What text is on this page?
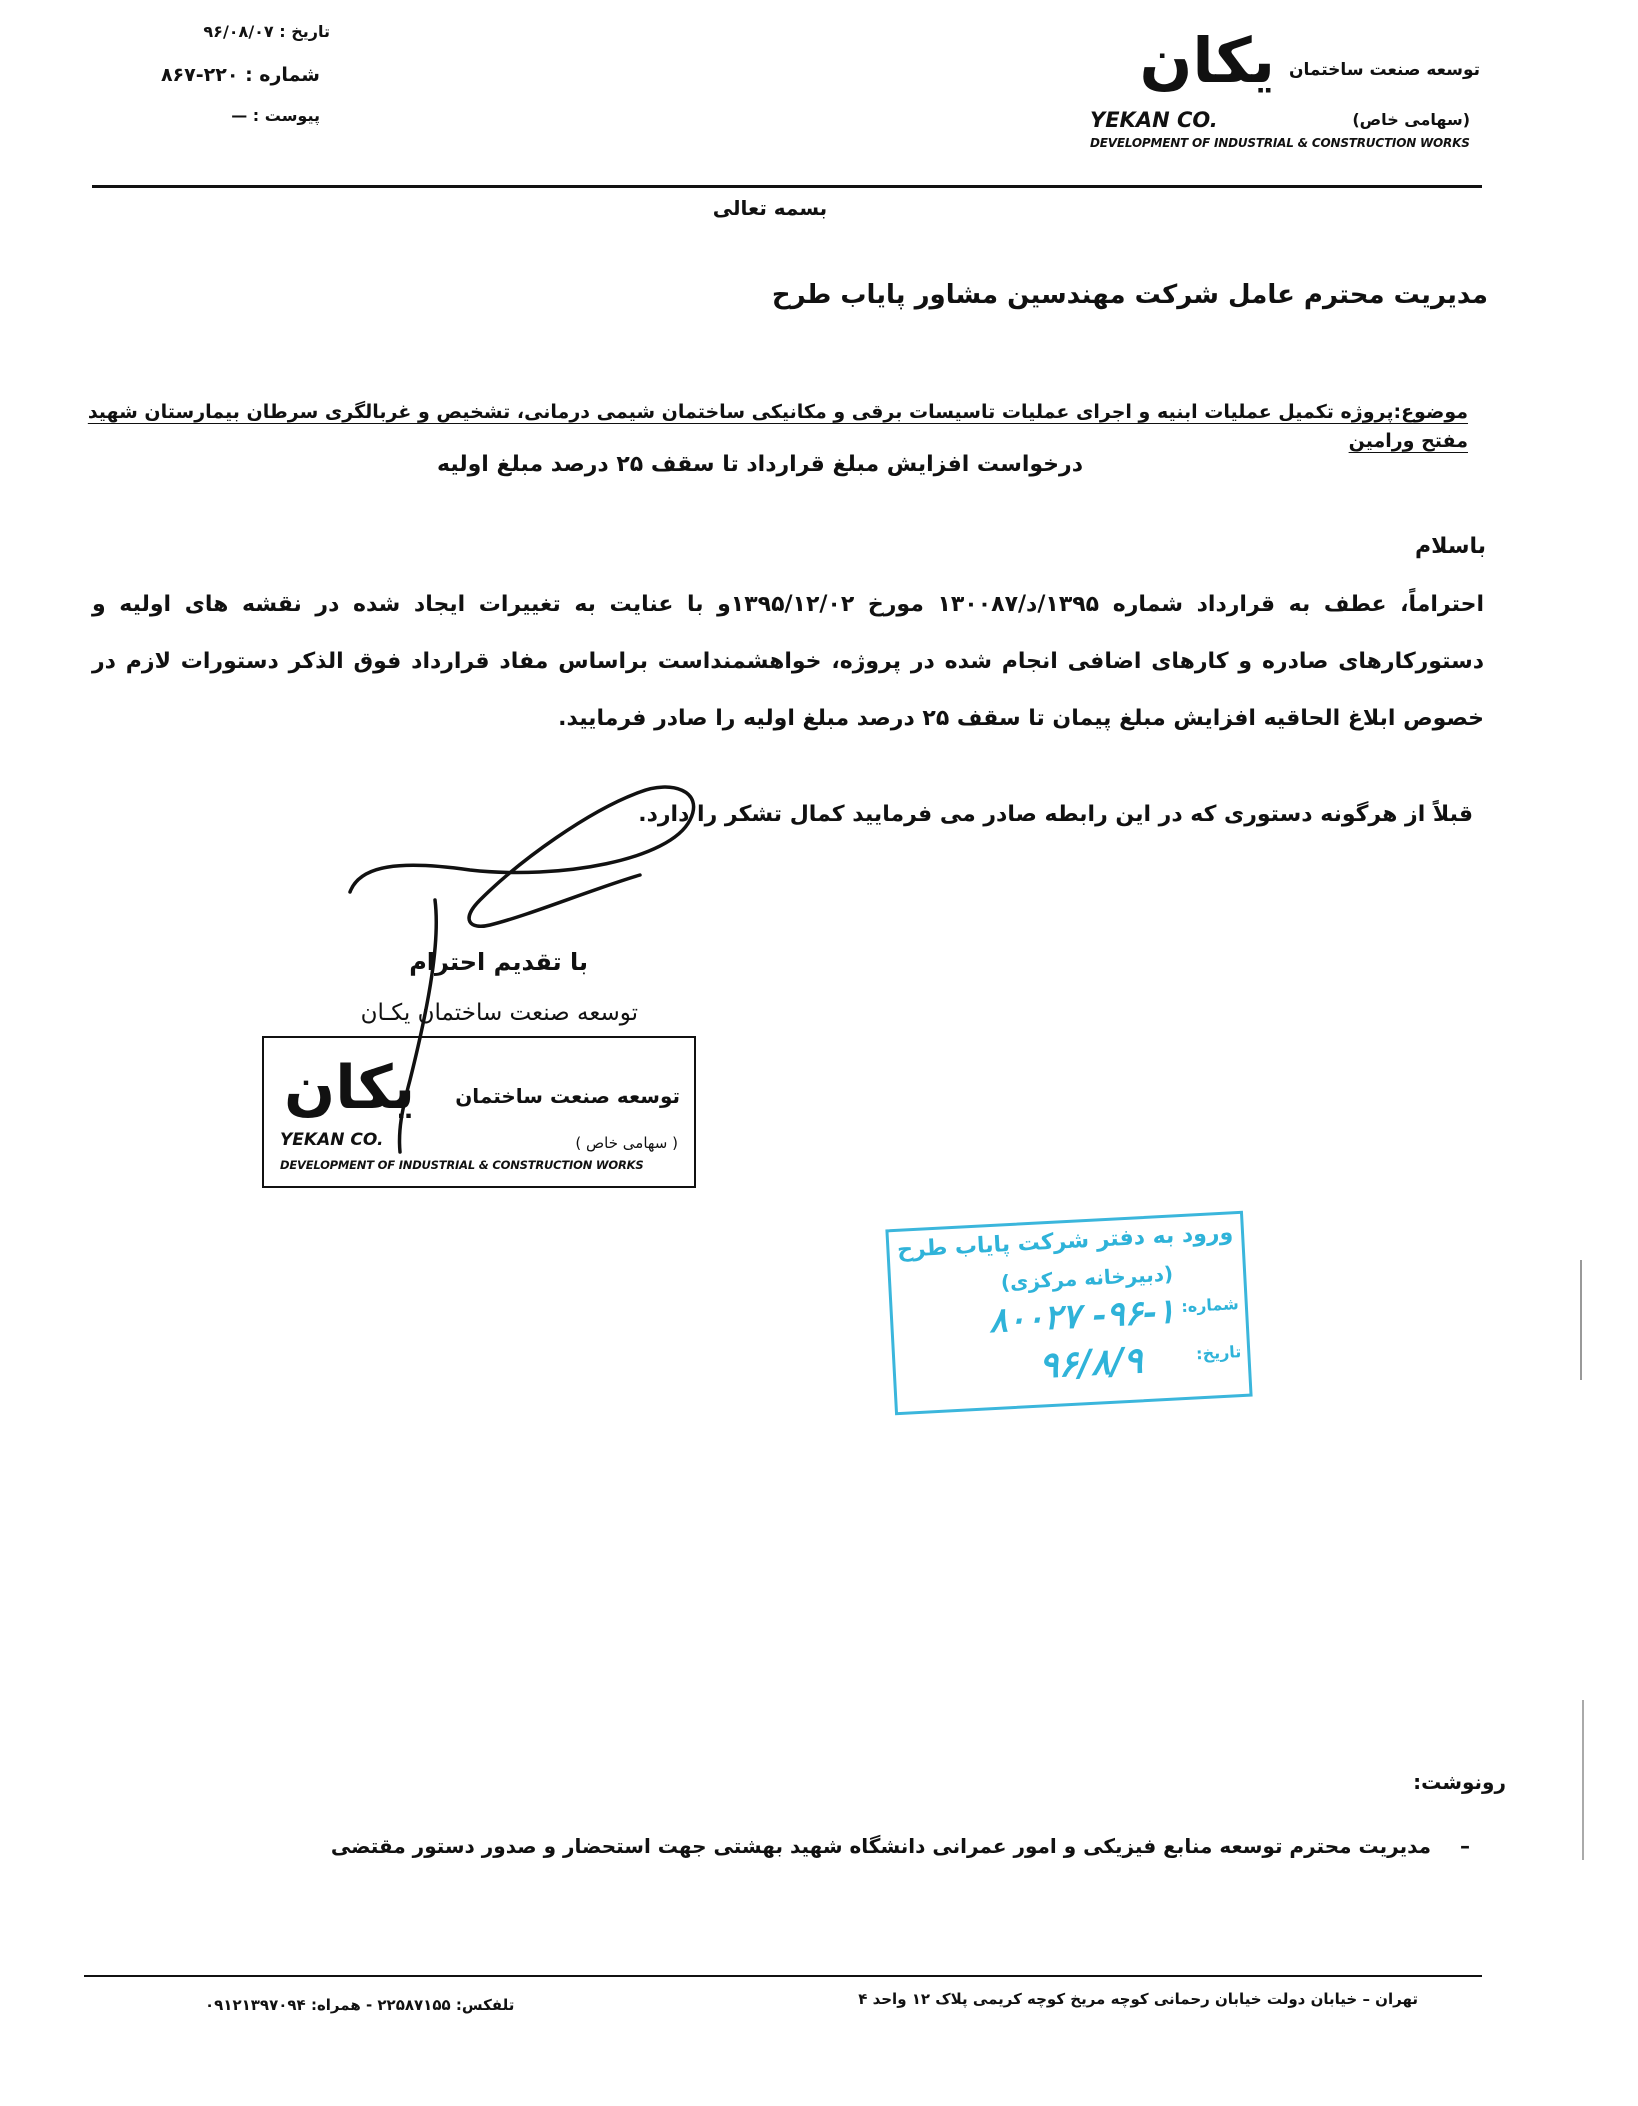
تاريخ : ۹۶/۰۸/۰۷
شماره : ۲۲۰-۸۶۷
پيوست : —
توسعه صنعت ساختمان
يكان
YEKAN CO.	(سهامی خاص)
DEVELOPMENT OF INDUSTRIAL & CONSTRUCTION WORKS
بسمه تعالی
مدیریت محترم عامل شرکت مهندسین مشاور پایاب طرح
موضوع:پروژه تکمیل عملیات ابنیه و اجرای عملیات تاسیسات برقی و مکانیکی ساختمان شیمی درمانی، تشخیص و غربالگری سرطان بیمارستان شهید مفتح ورامین
درخواست افزایش مبلغ قرارداد تا سقف ۲۵ درصد مبلغ اولیه
باسلام
احتراماً، عطف به قرارداد شماره ۱۳۹۵/د/۱۳۰۰۸۷ مورخ ۱۳۹۵/۱۲/۰۲و با عنایت به تغییرات ایجاد شده در نقشه های اولیه و دستورکارهای صادره و کارهای اضافی انجام شده در پروژه، خواهشمنداست براساس مفاد قرارداد فوق الذکر دستورات لازم در خصوص ابلاغ الحاقیه افزایش مبلغ پیمان تا سقف ۲۵ درصد مبلغ اولیه را صادر فرمایید.
قبلاً از هرگونه دستوری که در این رابطه صادر می فرمایید کمال تشکر را دارد.
با تقدیم احترام
توسعه صنعت ساختمان يكـان
توسعه صنعت ساختمان
يكان
YEKAN CO.	( سهامی خاص )
DEVELOPMENT OF INDUSTRIAL & CONSTRUCTION WORKS
ورود به دفتر شرکت پایاب طرح
(دبیرخانه مرکزی)
شماره:
۸۰۰۲۷ -۹۶-۱
تاریخ:
۹۶/۸/۹
رونوشت:
– مدیریت محترم توسعه منابع فیزیکی و امور عمرانی دانشگاه شهید بهشتی جهت استحضار و صدور دستور مقتضی
تهران – خیابان دولت خیابان رحمانی کوچه مریخ کوچه کریمی پلاک ۱۲ واحد ۴
تلفکس: ۲۲۵۸۷۱۵۵ - همراه: ۰۹۱۲۱۳۹۷۰۹۴
